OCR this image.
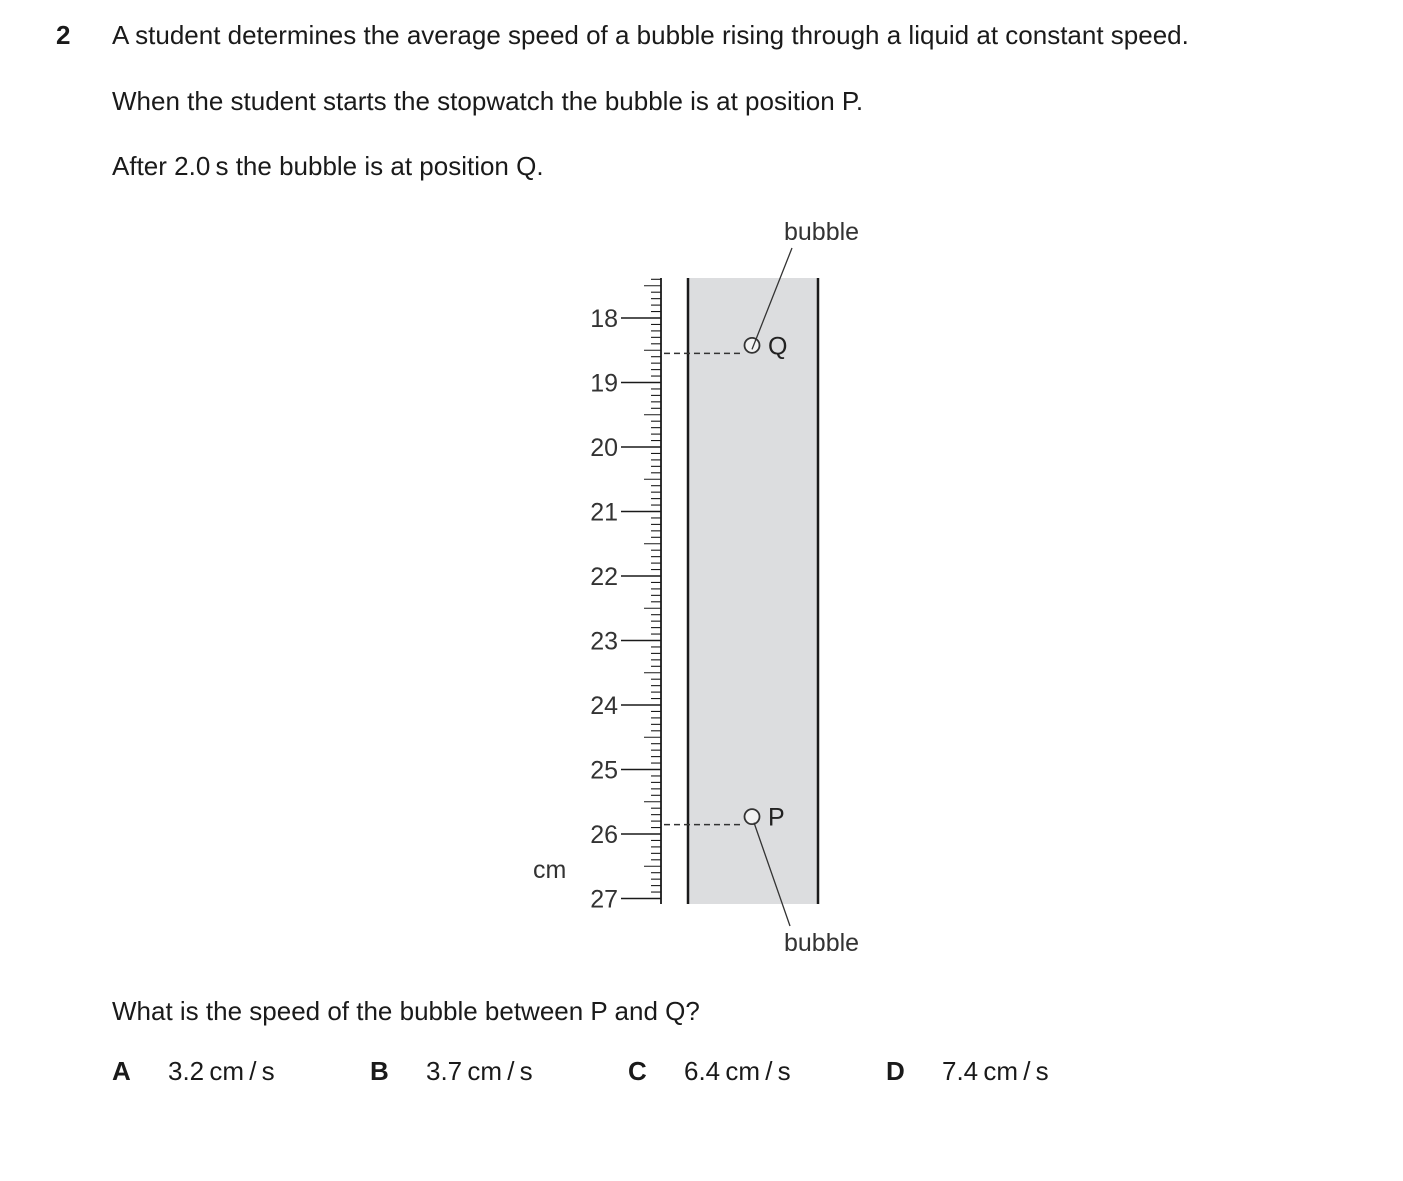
2 A student determines the average speed of a bubble rising through a liquid at constant speed.
When the student starts the stopwatch the bubble is at position P.
After 2.0 s the bubble is at position Q.
18
19
20
21
22
23
24
25
26
27
cm
Q
P
bubble
bubble
What is the speed of the bubble between P and Q?
A 3.2 cm / s	B 3.7 cm / s	C 6.4 cm / s	D 7.4 cm / s
